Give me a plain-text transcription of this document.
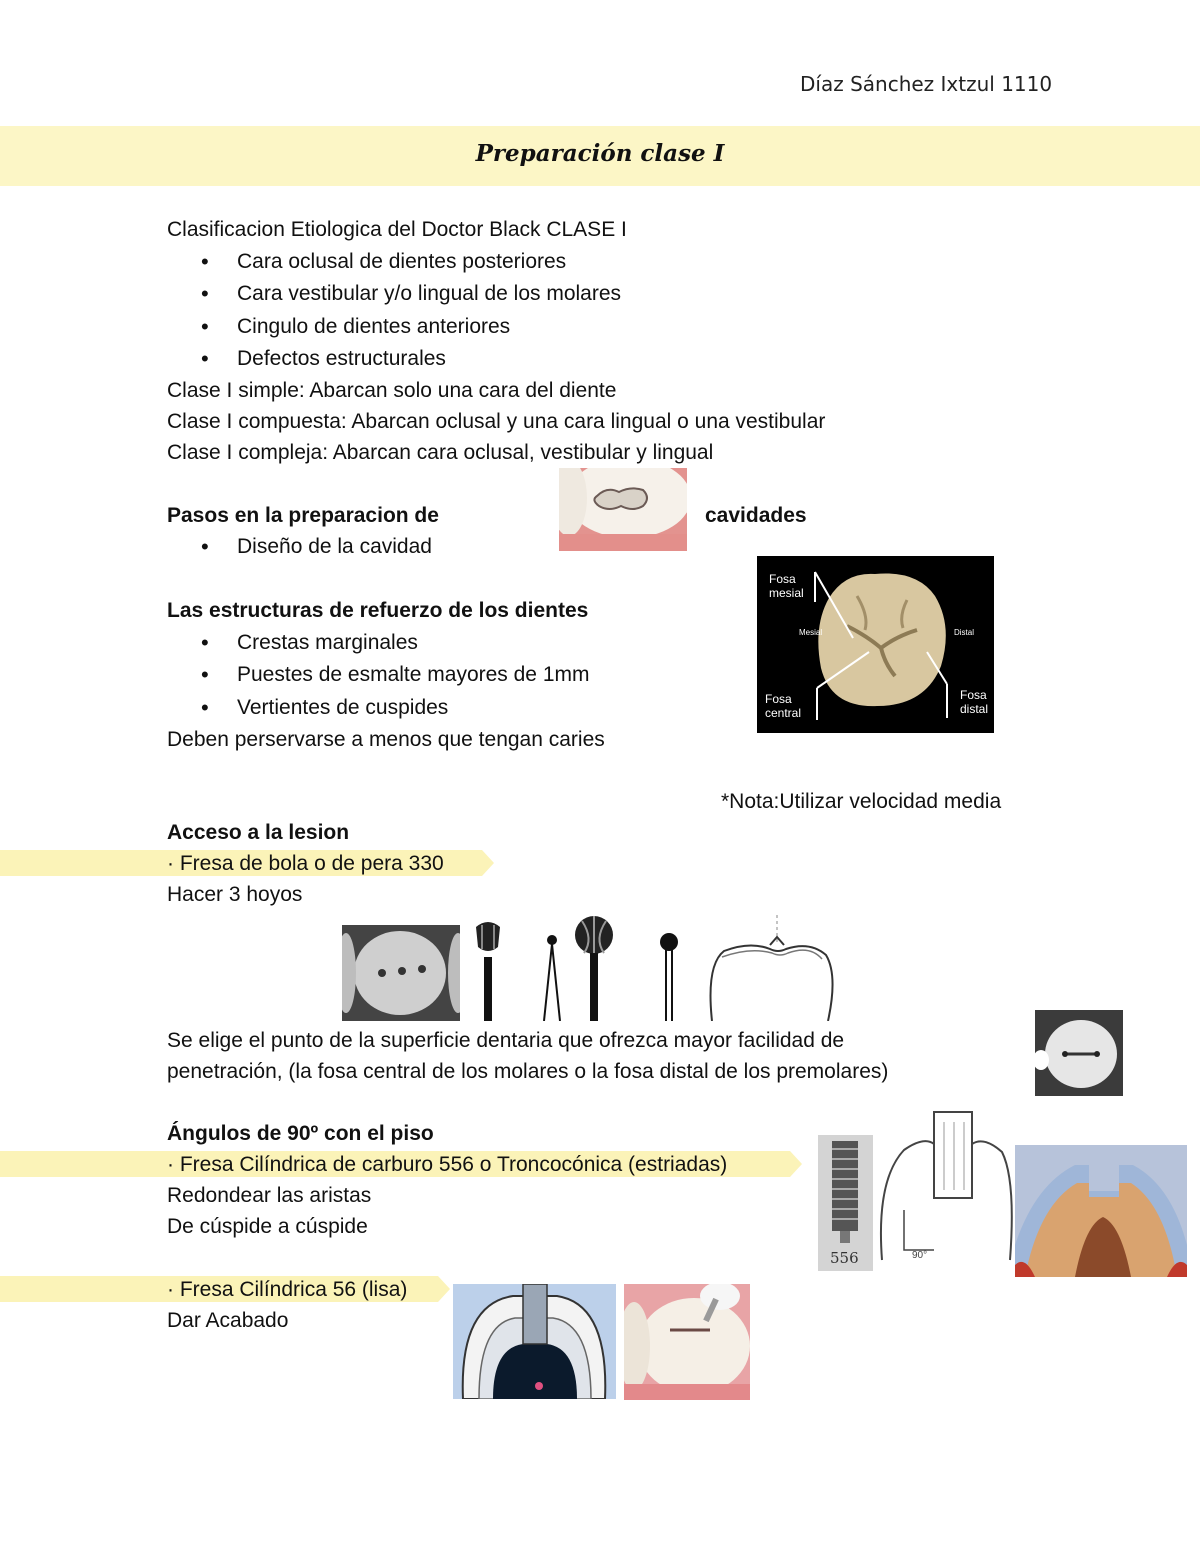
Díaz Sánchez Ixtzul 1110
Preparación clase I
Clasificacion Etiologica del Doctor Black CLASE I
• Cara oclusal de dientes posteriores
• Cara vestibular y/o lingual de los molares
• Cingulo de dientes anteriores
• Defectos estructurales
Clase I simple: Abarcan solo una cara del diente
Clase I compuesta: Abarcan oclusal y una cara lingual o una vestibular
Clase I compleja: Abarcan cara oclusal, vestibular y lingual
Pasos en la preparacion de	cavidades
• Diseño de la cavidad
Fosa
mesial
Mesial	Distal
Fosa
central
Fosa
distal
Las estructuras de refuerzo de los dientes
• Crestas marginales
• Puestes de esmalte mayores de 1mm
• Vertientes de cuspides
Deben perservarse a menos que tengan caries
*Nota:Utilizar velocidad media
Acceso a la lesion
· Fresa de bola o de pera 330
Hacer 3 hoyos
Se elige el punto de la superficie dentaria que ofrezca mayor facilidad de
penetración, (la fosa central de los molares o la fosa distal de los premolares)
Ángulos de 90º con el piso
· Fresa Cilíndrica de carburo 556 o Troncocónica (estriadas)
Redondear las aristas
De cúspide a cúspide
556	90°
· Fresa Cilíndrica 56 (lisa)
Dar Acabado
